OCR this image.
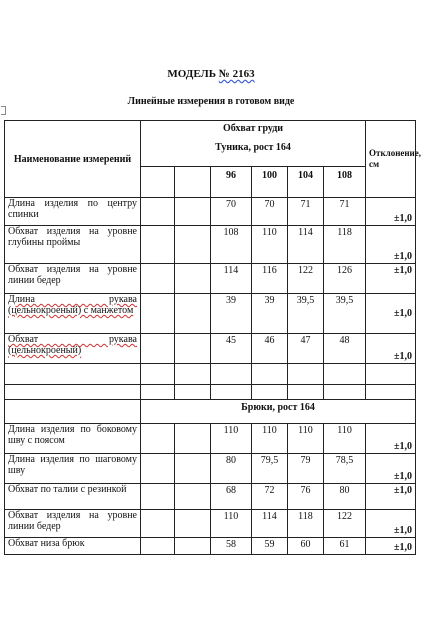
МОДЕЛЬ № 2163
Линейные измерения в готовом виде
Наименование измерений	Обхват груди
Туника, рост 164						Отклонение, см
			96	100	104	108	
Длина изделия по центру спинки			70	70	71	71	±1,0
Обхват изделия на уровне глубины проймы			108	110	114	118	±1,0
Обхват изделия на уровне линии бедер			114	116	122	126	±1,0
Длина рукава (цельнокроеный) с манжетом			39	39	39,5	39,5	±1,0
Обхват рукава (цельнокроеный)			45	46	47	48	±1,0

	Брюки, рост 164						
Длина изделия по боковому шву с поясом			110	110	110	110	±1,0
Длина изделия по шаговому шву			80	79,5	79	78,5	±1,0
Обхват по талии с резинкой			68	72	76	80	±1,0
Обхват изделия на уровне линии бедер			110	114	118	122	±1,0
Обхват низа брюк			58	59	60	61	±1,0
